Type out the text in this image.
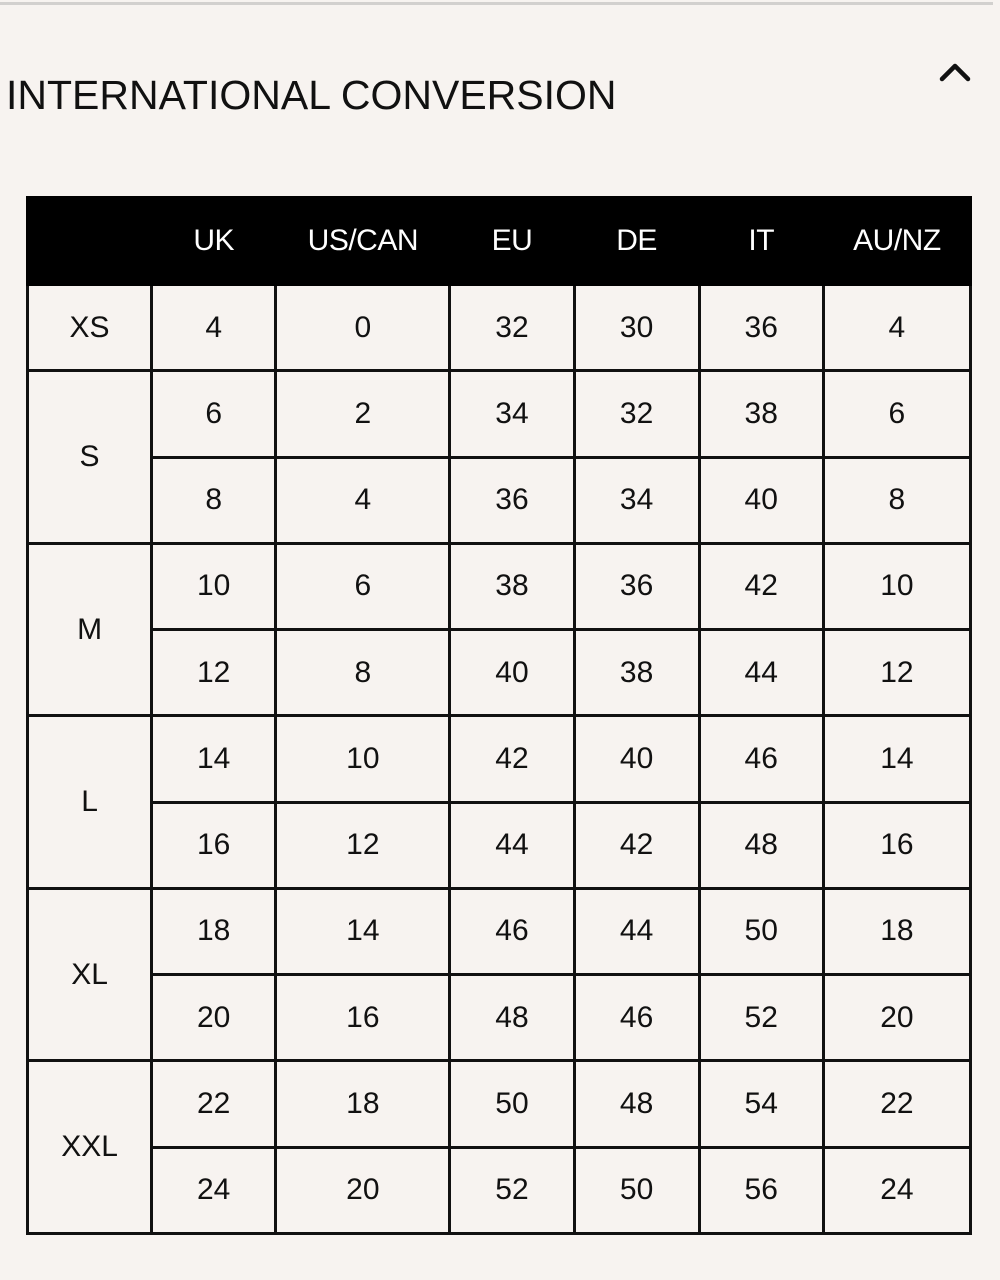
INTERNATIONAL CONVERSION
	UK	US/CAN	EU	DE	IT	AU/NZ
XS	4	0	32	30	36	4
S	6	2	34	32	38	6
	8	4	36	34	40	8
M	10	6	38	36	42	10
	12	8	40	38	44	12
L	14	10	42	40	46	14
	16	12	44	42	48	16
XL	18	14	46	44	50	18
	20	16	48	46	52	20
XXL	22	18	50	48	54	22
	24	20	52	50	56	24
